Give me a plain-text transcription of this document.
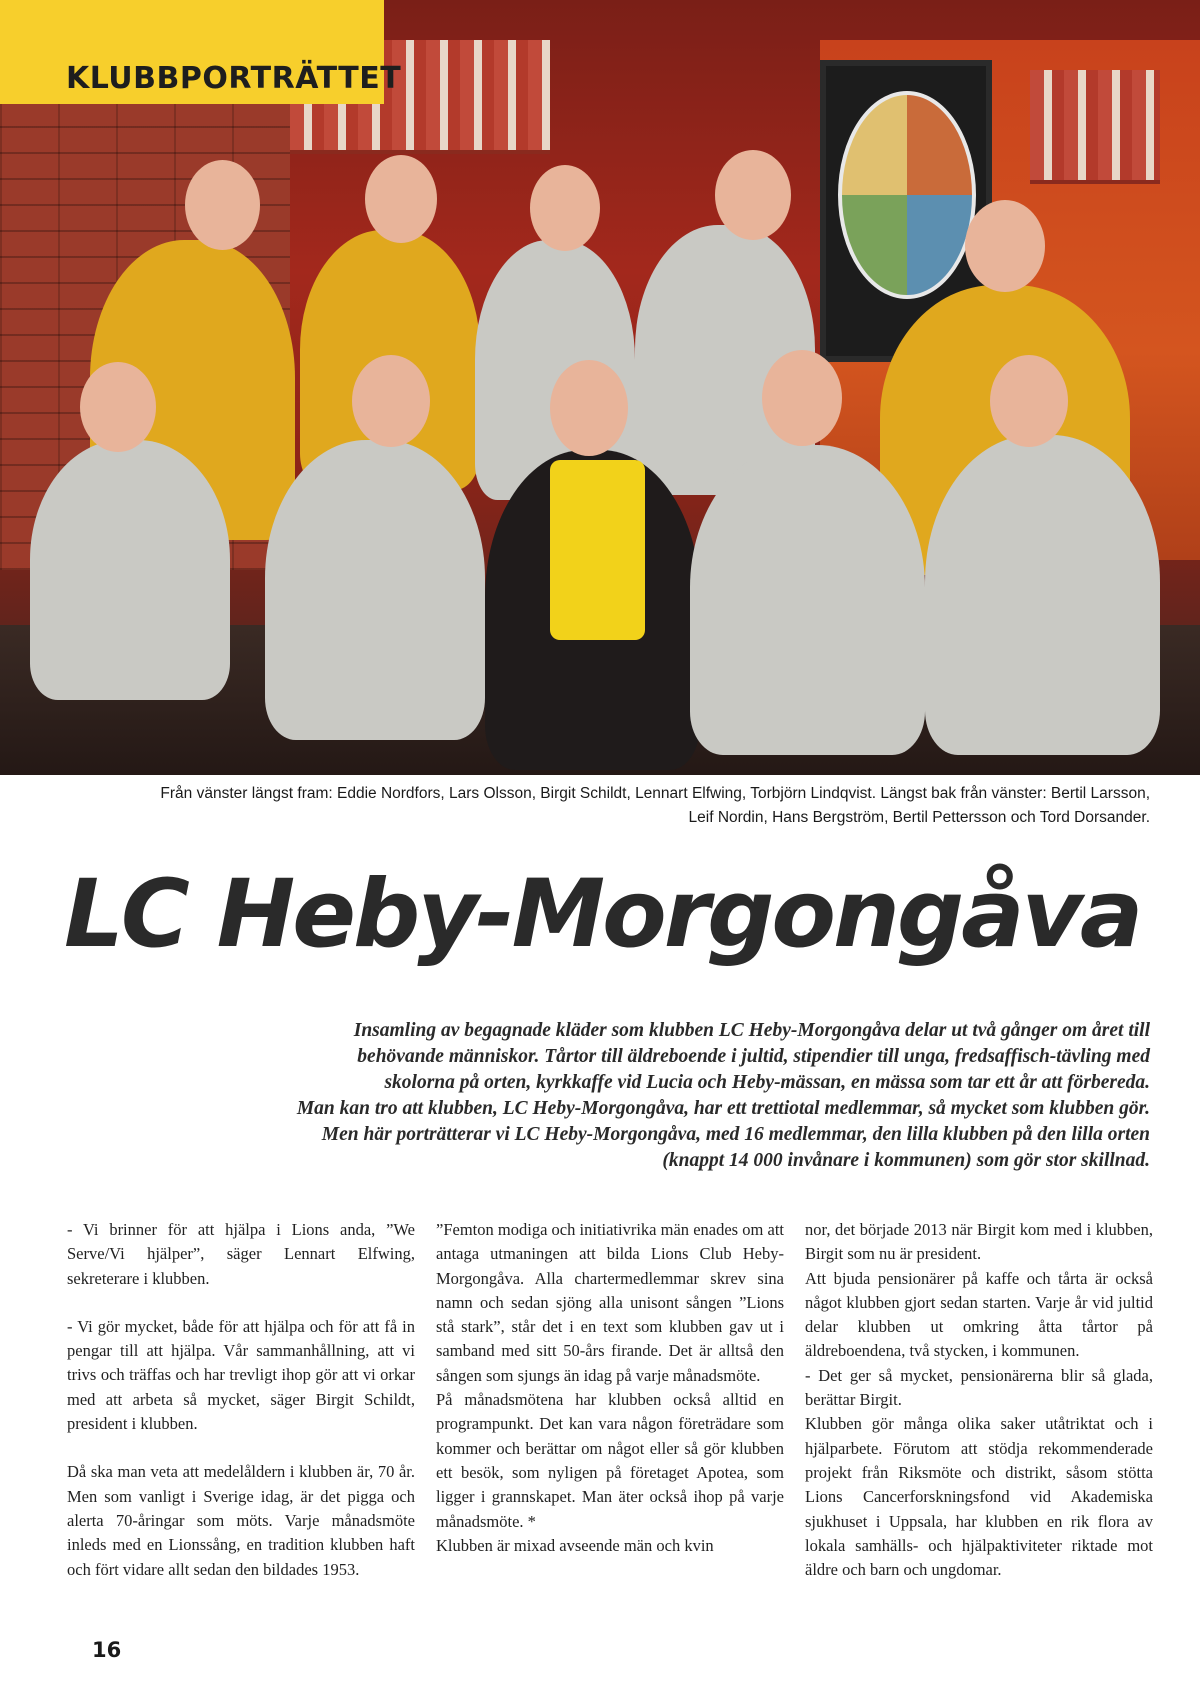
KLUBBPORTRÄTTET
Från vänster längst fram: Eddie Nordfors, Lars Olsson, Birgit Schildt, Lennart Elfwing, Torbjörn Lindqvist. Längst bak från vänster: Bertil Larsson,
Leif Nordin, Hans Bergström, Bertil Pettersson och Tord Dorsander.
LC Heby-Morgongåva
Insamling av begagnade kläder som klubben LC Heby-Morgongåva delar ut två gånger om året till
behövande människor. Tårtor till äldreboende i jultid, stipendier till unga, fredsaffisch-tävling med
skolorna på orten, kyrkkaffe vid Lucia och Heby-mässan, en mässa som tar ett år att förbereda.
Man kan tro att klubben, LC Heby-Morgongåva, har ett trettiotal medlemmar, så mycket som klubben gör.
Men här porträtterar vi LC Heby-Morgongåva, med 16 medlemmar, den lilla klubben på den lilla orten
(knappt 14 000 invånare i kommunen) som gör stor skillnad.

- Vi brinner för att hjälpa i Lions anda, ”We Serve/Vi hjälper”, säger Lennart Elfwing, sekreterare i klubben.

- Vi gör mycket, både för att hjälpa och för att få in pengar till att hjälpa. Vår sammanhållning, att vi trivs och träffas och har trevligt ihop gör att vi orkar med att arbeta så mycket, säger Birgit Schildt, president i klubben.

Då ska man veta att medelåldern i klubben är, 70 år. Men som vanligt i Sverige idag, är det pigga och alerta 70-åringar som möts. Varje månadsmöte inleds med en Lionssång, en tradition klubben haft och fört vidare allt sedan den bildades 1953.

”Femton modiga och initiativrika män enades om att antaga utmaningen att bilda Lions Club Heby-Morgongåva. Alla chartermedlemmar skrev sina namn och sedan sjöng alla unisont sången ”Lions stå stark”, står det i en text som klubben gav ut i samband med sitt 50-års firande. Det är alltså den sången som sjungs än idag på varje månadsmöte.

På månadsmötena har klubben också alltid en programpunkt. Det kan vara någon företrädare som kommer och berättar om något eller så gör klubben ett besök, som nyligen på företaget Apotea, som ligger i grannskapet. Man äter också ihop på varje månadsmöte. *

Klubben är mixad avseende män och kvin

nor, det började 2013 när Birgit kom med i klubben, Birgit som nu är president.

Att bjuda pensionärer på kaffe och tårta är också något klubben gjort sedan starten. Varje år vid jultid delar klubben ut omkring åtta tårtor på äldreboendena, två stycken, i kommunen.

- Det ger så mycket, pensionärerna blir så glada, berättar Birgit.

Klubben gör många olika saker utåtriktat och i hjälparbete. Förutom att stödja rekommenderade projekt från Riksmöte och distrikt, såsom stötta Lions Cancerforskningsfond vid Akademiska sjukhuset i Uppsala, har klubben en rik flora av lokala samhälls- och hjälpaktiviteter riktade mot äldre och barn och ungdomar.

16
